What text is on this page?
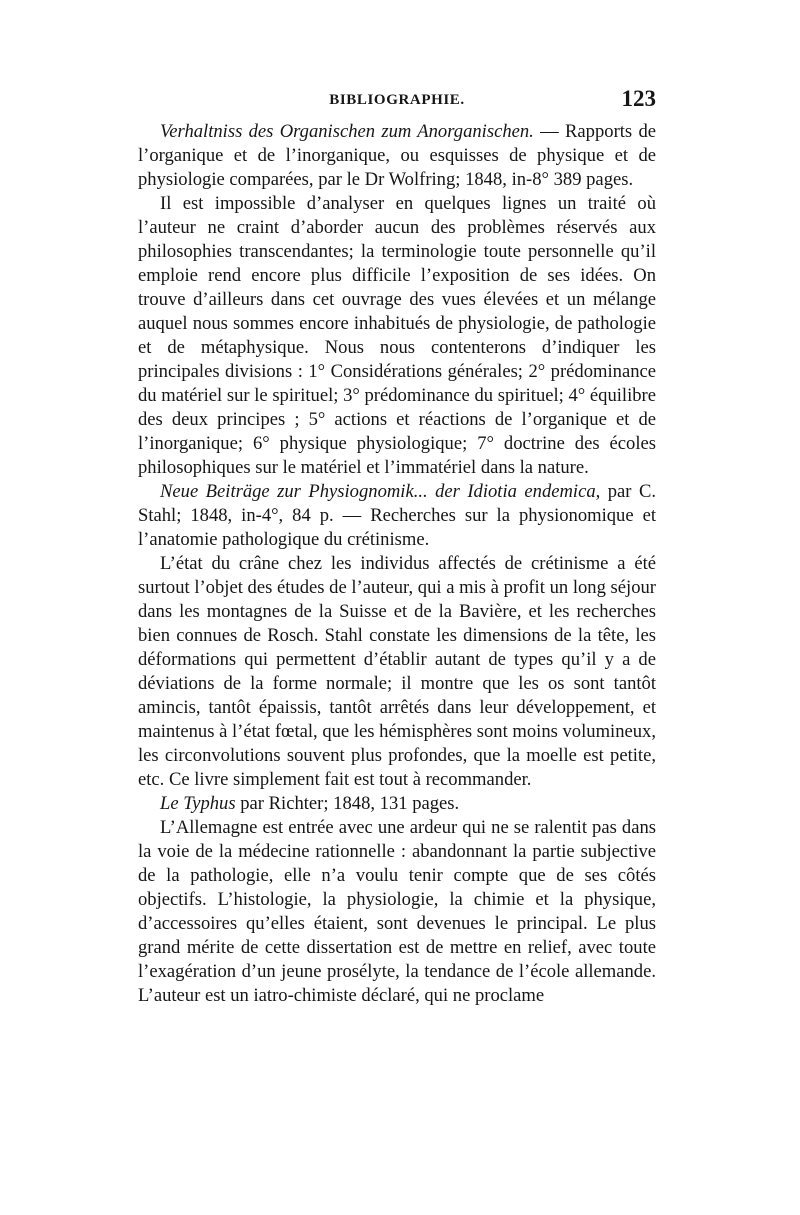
BIBLIOGRAPHIE.	123

Verhaltniss des Organischen zum Anorganischen. — Rapports de l’organique et de l’inorganique, ou esquisses de physique et de physiologie comparées, par le Dr Wolfring; 1848, in-8° 389 pages.

Il est impossible d’analyser en quelques lignes un traité où l’auteur ne craint d’aborder aucun des problèmes réservés aux philosophies transcendantes; la terminologie toute personnelle qu’il emploie rend encore plus difficile l’exposition de ses idées. On trouve d’ailleurs dans cet ouvrage des vues élevées et un mélange auquel nous sommes encore inhabitués de physiologie, de pathologie et de métaphysique. Nous nous contenterons d’indiquer les principales divisions : 1° Considérations générales; 2° prédominance du matériel sur le spirituel; 3° prédominance du spirituel; 4° équilibre des deux principes ; 5° actions et réactions de l’organique et de l’inorganique; 6° physique physiologique; 7° doctrine des écoles philosophiques sur le matériel et l’immatériel dans la nature.

Neue Beiträge zur Physiognomik... der Idiotia endemica, par C. Stahl; 1848, in-4°, 84 p. — Recherches sur la physionomique et l’anatomie pathologique du crétinisme.

L’état du crâne chez les individus affectés de crétinisme a été surtout l’objet des études de l’auteur, qui a mis à profit un long séjour dans les montagnes de la Suisse et de la Bavière, et les recherches bien connues de Rosch. Stahl constate les dimensions de la tête, les déformations qui permettent d’établir autant de types qu’il y a de déviations de la forme normale; il montre que les os sont tantôt amincis, tantôt épaissis, tantôt arrêtés dans leur développement, et maintenus à l’état fœtal, que les hémisphères sont moins volumineux, les circonvolutions souvent plus profondes, que la moelle est petite, etc. Ce livre simplement fait est tout à recommander.

Le Typhus par Richter; 1848, 131 pages.

L’Allemagne est entrée avec une ardeur qui ne se ralentit pas dans la voie de la médecine rationnelle : abandonnant la partie subjective de la pathologie, elle n’a voulu tenir compte que de ses côtés objectifs. L’histologie, la physiologie, la chimie et la physique, d’accessoires qu’elles étaient, sont devenues le principal. Le plus grand mérite de cette dissertation est de mettre en relief, avec toute l’exagération d’un jeune prosélyte, la tendance de l’école allemande. L’auteur est un iatro-chimiste déclaré, qui ne proclame
